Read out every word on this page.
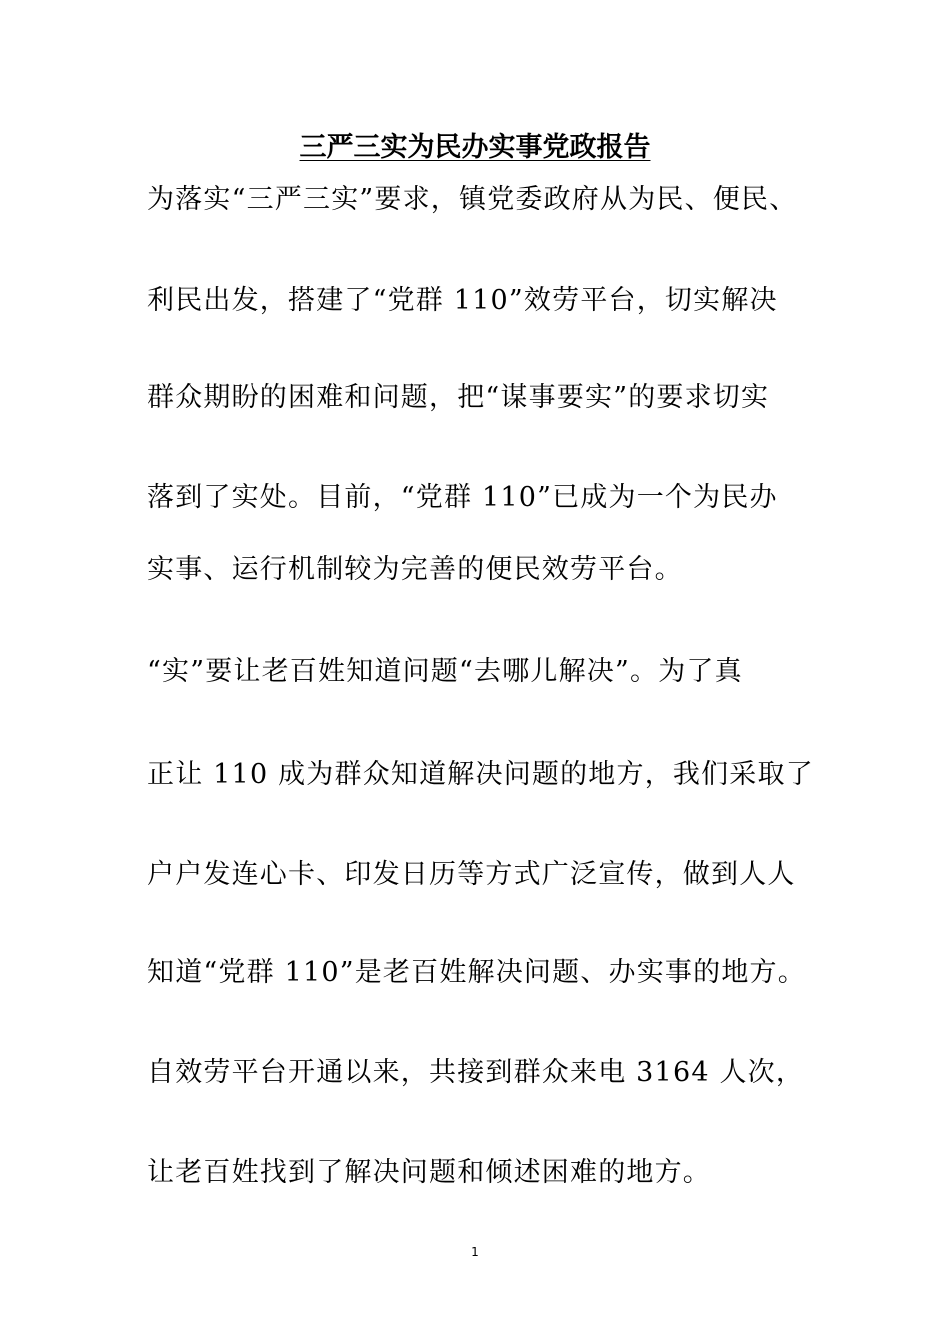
三严三实为民办实事党政报告
为落实“三严三实”要求，镇党委政府从为民、便民、
利民出发，搭建了“党群 110”效劳平台，切实解决
群众期盼的困难和问题，把“谋事要实”的要求切实
落到了实处。目前，“党群 110”已成为一个为民办
实事、运行机制较为完善的便民效劳平台。
“实”要让老百姓知道问题“去哪儿解决”。为了真
正让 110 成为群众知道解决问题的地方，我们采取了
户户发连心卡、印发日历等方式广泛宣传，做到人人
知道“党群 110”是老百姓解决问题、办实事的地方。
自效劳平台开通以来，共接到群众来电 3164 人次，
让老百姓找到了解决问题和倾述困难的地方。
1
